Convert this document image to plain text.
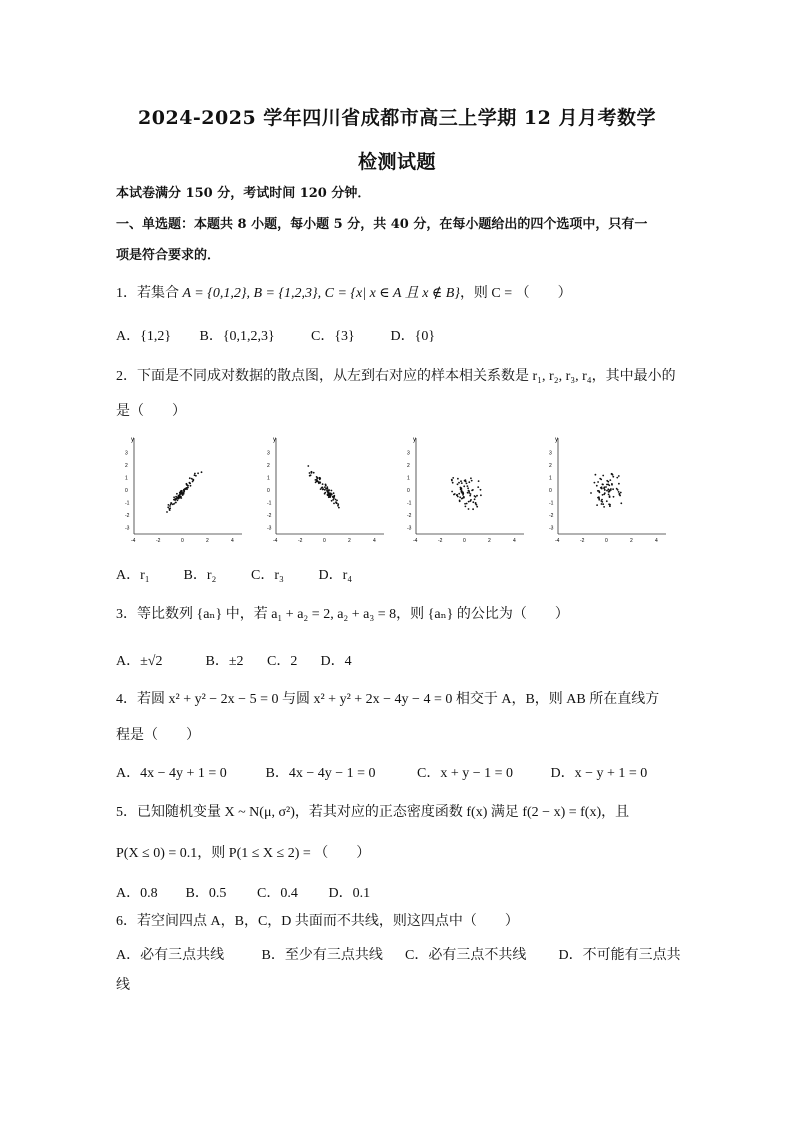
2024-2025 学年四川省成都市高三上学期 12 月月考数学
检测试题
本试卷满分 150 分，考试时间 120 分钟．
一、单选题：本题共 8 小题，每小题 5 分，共 40 分，在每小题给出的四个选项中，只有一
项是符合要求的．
1．若集合 A = {0,1,2}, B = {1,2,3}, C = {x| x ∈ A 且 x ∉ B}，则 C = （　　）
A．{1,2} B．{0,1,2,3}	C．{3}	D．{0}
2．下面是不同成对数据的散点图，从左到右对应的样本相关系数是 r₁, r₂, r₃, r₄，其中最小的
是（　　）
y
3
2
1
0
-1
-2
-3
-4	-2	0	2	4
y
3
2
1
0
-1
-2
-3
-4	-2	0	2	4
y
3
2
1
0
-1
-2
-3
-4	-2	0	2	4
y
3
2
1
0
-1
-2
-3
-4	-2	0	2	4
A．r₁ B．r₂ C．r₃ D．r₄
3．等比数列 {aₙ} 中，若 a₁ + a₂ = 2, a₂ + a₃ = 8，则 {aₙ} 的公比为（　　）
A．±√2	B．±2 C．2 D．4
4．若圆 x² + y² − 2x − 5 = 0 与圆 x² + y² + 2x − 4y − 4 = 0 相交于 A，B，则 AB 所在直线方
程是（　　）
A．4x − 4y + 1 = 0	B．4x − 4y − 1 = 0	C．x + y − 1 = 0	D．x − y + 1 = 0
5．已知随机变量 X ~ N(μ, σ²)，若其对应的正态密度函数 f(x) 满足 f(2 − x) = f(x)，且
P(X ≤ 0) = 0.1，则 P(1 ≤ X ≤ 2) = （　　）
A．0.8 B．0.5 C．0.4 D．0.1
6．若空间四点 A，B，C，D 共面而不共线，则这四点中（　　）
A．必有三点共线	B．至少有三点共线 C．必有三点不共线 D．不可能有三点共
线
